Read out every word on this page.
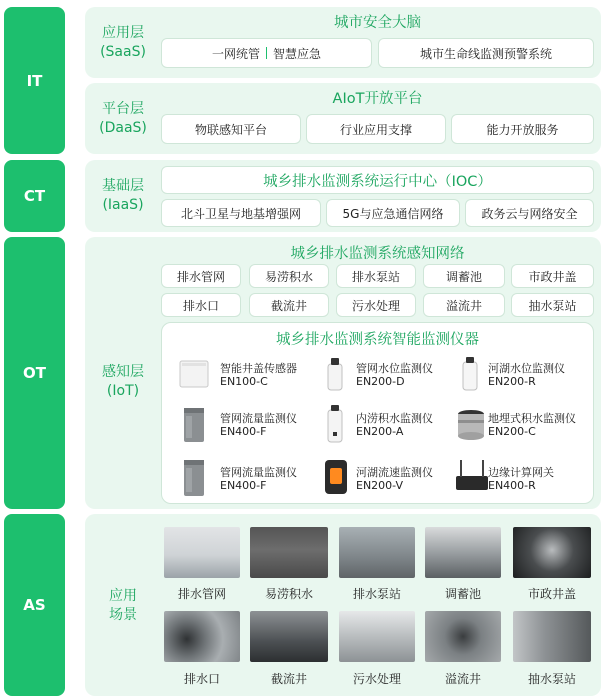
IT
CT
OT
AS
应用层
(SaaS)
城市安全大脑
一网统管 智慧应急	城市生命线监测预警系统
平台层
(DaaS)
AIoT开放平台
物联感知平台	行业应用支撑	能力开放服务
基础层
(IaaS)
城乡排水监测系统运行中心（IOC）
北斗卫星与地基增强网	5G与应急通信网络	政务云与网络安全
感知层
(IoT)
城乡排水监测系统感知网络
排水管网	易涝积水	排水泵站	调蓄池	市政井盖
排水口	截流井	污水处理	溢流井	抽水泵站
城乡排水监测系统智能监测仪器
智能井盖传感器
EN100-C
管网水位监测仪
EN200-D
河湖水位监测仪
EN200-R
管网流量监测仪
EN400-F
内涝积水监测仪
EN200-A
地埋式积水监测仪
EN200-C
管网流量监测仪
EN400-F
河湖流速监测仪
EN200-V
边缘计算网关
EN400-R
应用
场景
排水管网	易涝积水	排水泵站	调蓄池	市政井盖
排水口	截流井	污水处理	溢流井	抽水泵站
